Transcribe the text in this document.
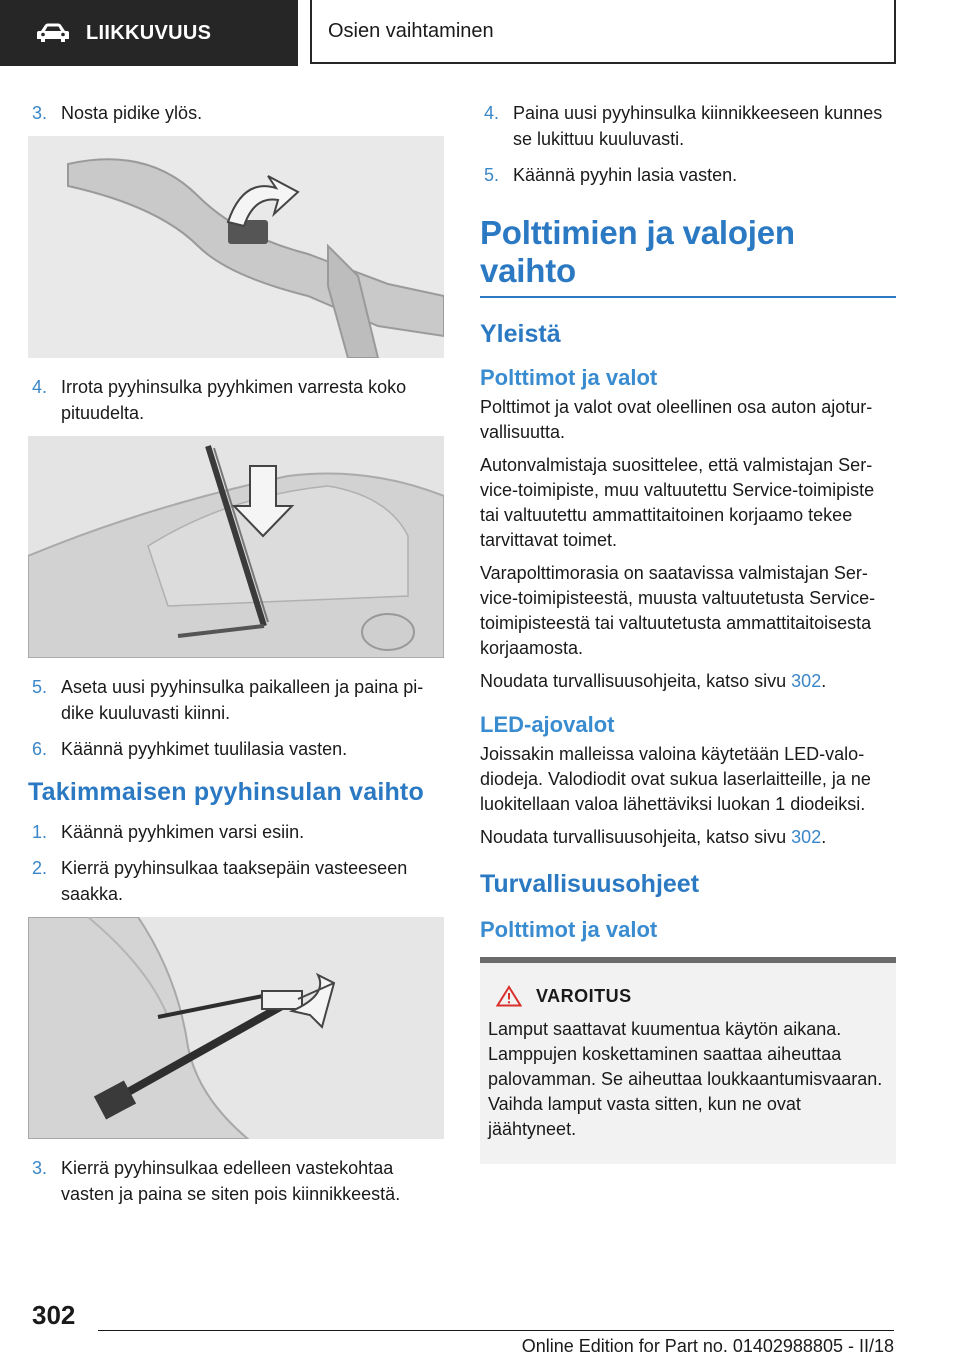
LIIKKUVUUS	Osien vaihtaminen
3. Nosta pidike ylös.
4. Irrota pyyhinsulka pyyhkimen varresta koko pituudelta.
5. Aseta uusi pyyhinsulka paikalleen ja paina pidike kuuluvasti kiinni.
6. Käännä pyyhkimet tuulilasia vasten.
Takimmaisen pyyhinsulan vaihto
1. Käännä pyyhkimen varsi esiin.
2. Kierrä pyyhinsulkaa taaksepäin vasteeseen saakka.
3. Kierrä pyyhinsulkaa edelleen vastekohtaa vasten ja paina se siten pois kiinnikkeestä.
4. Paina uusi pyyhinsulka kiinnikkeeseen kunnes se lukittuu kuuluvasti.
5. Käännä pyyhin lasia vasten.
Polttimien ja valojen vaihto
Yleistä
Polttimot ja valot

Polttimot ja valot ovat oleellinen osa auton ajoturvallisuutta.

Autonvalmistaja suosittelee, että valmistajan Service-toimipiste, muu valtuutettu Service-toimipiste tai valtuutettu ammattitaitoinen korjaamo tekee tarvittavat toimet.

Varapolttimorasia on saatavissa valmistajan Service-toimipisteestä, muusta valtuutetusta Service-toimipisteestä tai valtuutetusta ammattitaitoisesta korjaamosta.

Noudata turvallisuusohjeita, katso sivu 302.

LED-ajovalot

Joissakin malleissa valoina käytetään LED-valodiodeja. Valodiodit ovat sukua laserlaitteille, ja ne luokitellaan valoa lähettäviksi luokan 1 diodeiksi.

Noudata turvallisuusohjeita, katso sivu 302.

Turvallisuusohjeet
Polttimot ja valot
VAROITUS

Lamput saattavat kuumentua käytön aikana. Lamppujen koskettaminen saattaa aiheuttaa palovamman. Se aiheuttaa loukkaantumisvaaran. Vaihda lamput vasta sitten, kun ne ovat jäähtyneet.

302
Online Edition for Part no. 01402988805 - II/18
